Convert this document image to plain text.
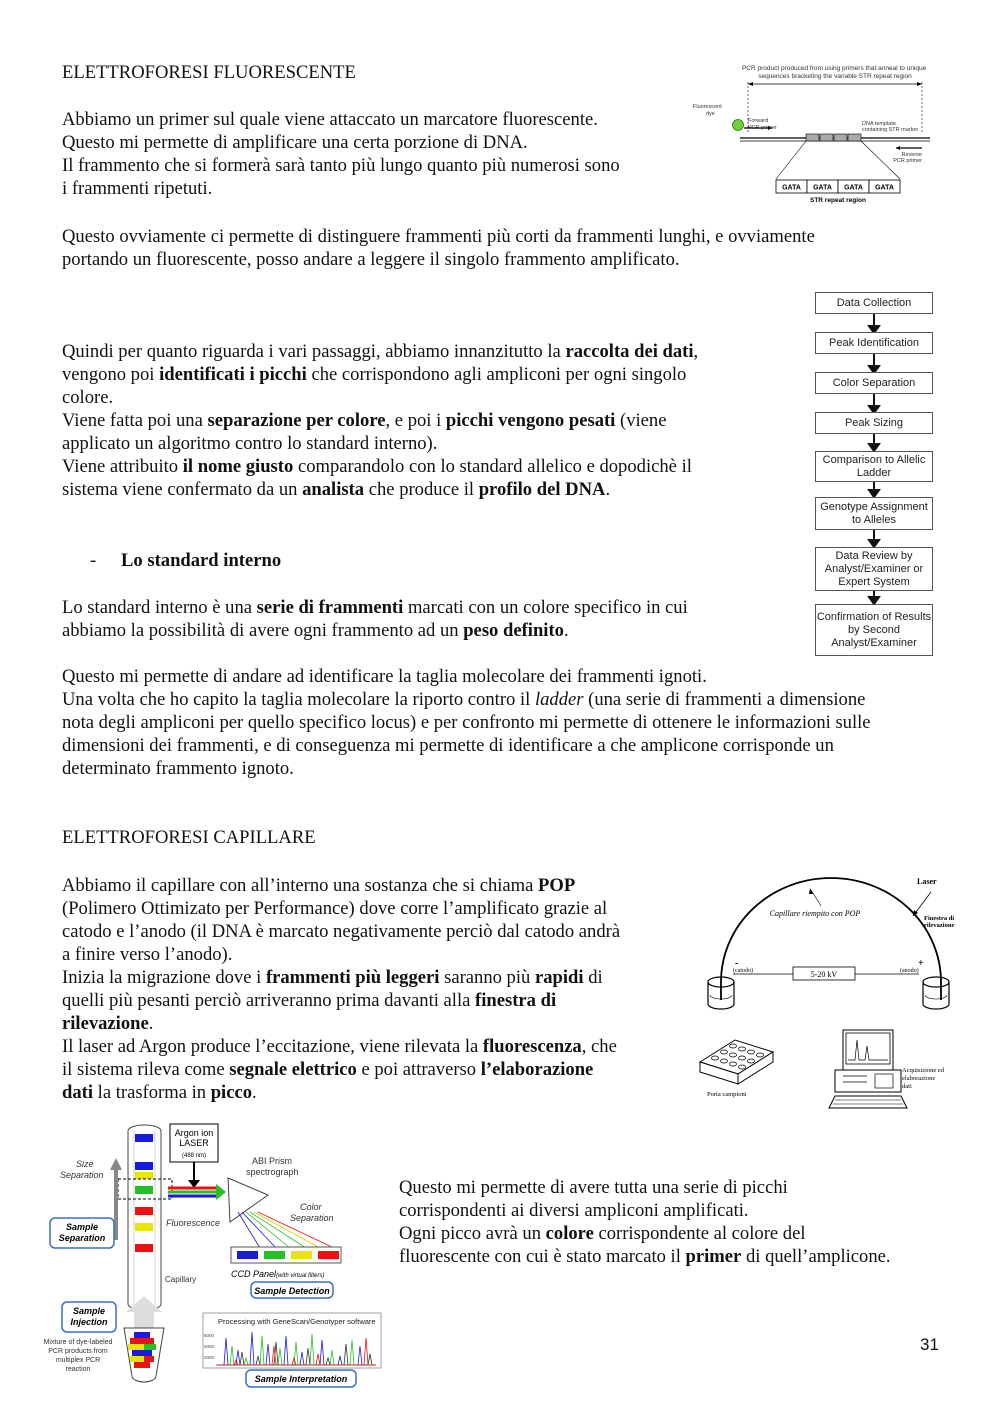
ELETTROFORESI FLUORESCENTE

Abbiamo un primer sul quale viene attaccato un marcatore fluorescente.

Questo mi permette di amplificare una certa porzione di DNA.

Il frammento che si formerà sarà tanto più lungo quanto più numerosi sono

i frammenti ripetuti.

Questo ovviamente ci permette di distinguere frammenti più corti da frammenti lunghi, e ovviamente

portando un fluorescente, posso andare a leggere il singolo frammento amplificato.

PCR product produced from using primers that anneal to unique sequences bracketing the variable STR repeat region
Fluorescent dye
Forward PCR primer
DNA template containing STR marker
Reverse PCR primer
GATA GATA GATA GATA
STR repeat region

Quindi per quanto riguarda i vari passaggi, abbiamo innanzitutto la raccolta dei dati,

vengono poi identificati i picchi che corrispondono agli ampliconi per ogni singolo

colore.

Viene fatta poi una separazione per colore, e poi i picchi vengono pesati (viene

applicato un algoritmo contro lo standard interno).

Viene attribuito il nome giusto comparandolo con lo standard allelico e dopodichè il

sistema viene confermato da un analista che produce il profilo del DNA.

Data Collection
Peak Identification
Color Separation
Peak Sizing
Comparison to Allelic Ladder
Genotype Assignment to Alleles
Data Review by Analyst/Examiner or Expert System
Confirmation of Results by Second Analyst/Examiner
- Lo standard interno

Lo standard interno è una serie di frammenti marcati con un colore specifico in cui

abbiamo la possibilità di avere ogni frammento ad un peso definito.

Questo mi permette di andare ad identificare la taglia molecolare dei frammenti ignoti.

Una volta che ho capito la taglia molecolare la riporto contro il ladder (una serie di frammenti a dimensione

nota degli ampliconi per quello specifico locus) e per confronto mi permette di ottenere le informazioni sulle

dimensioni dei frammenti, e di conseguenza mi permette di identificare a che amplicone corrisponde un

determinato frammento ignoto.

ELETTROFORESI CAPILLARE

Abbiamo il capillare con all’interno una sostanza che si chiama POP

(Polimero Ottimizato per Performance) dove corre l’amplificato grazie al

catodo e l’anodo (il DNA è marcato negativamente perciò dal catodo andrà

a finire verso l’anodo).

Inizia la migrazione dove i frammenti più leggeri saranno più rapidi di

quelli più pesanti perciò arriveranno prima davanti alla finestra di

rilevazione.

Il laser ad Argon produce l’eccitazione, viene rilevata la fluorescenza, che

il sistema rileva come segnale elettrico e poi attraverso l’elaborazione

dati la trasforma in picco.

Laser
Capillare riempito con POP
Finestra di rilevazione
-	+
(catodo)	(anodo)
5-20 kV
Porta campioni
Acquisizione ed elaborazione dati
Size Separation
Sample Separation
Argon ion LASER
(488 nm)
Fluorescence
ABI Prism spectrograph
Color Separation
CCD Panel(with virtual filters)
Sample Detection
Capillary
Sample Injection
Mixture of dye-labeled PCR products from multiplex PCR reaction
Processing with GeneScan/Genotyper software
6000
4000
2000
Sample Interpretation

Questo mi permette di avere tutta una serie di picchi

corrispondenti ai diversi ampliconi amplificati.

Ogni picco avrà un colore corrispondente al colore del

fluorescente con cui è stato marcato il primer di quell’amplicone.

31
